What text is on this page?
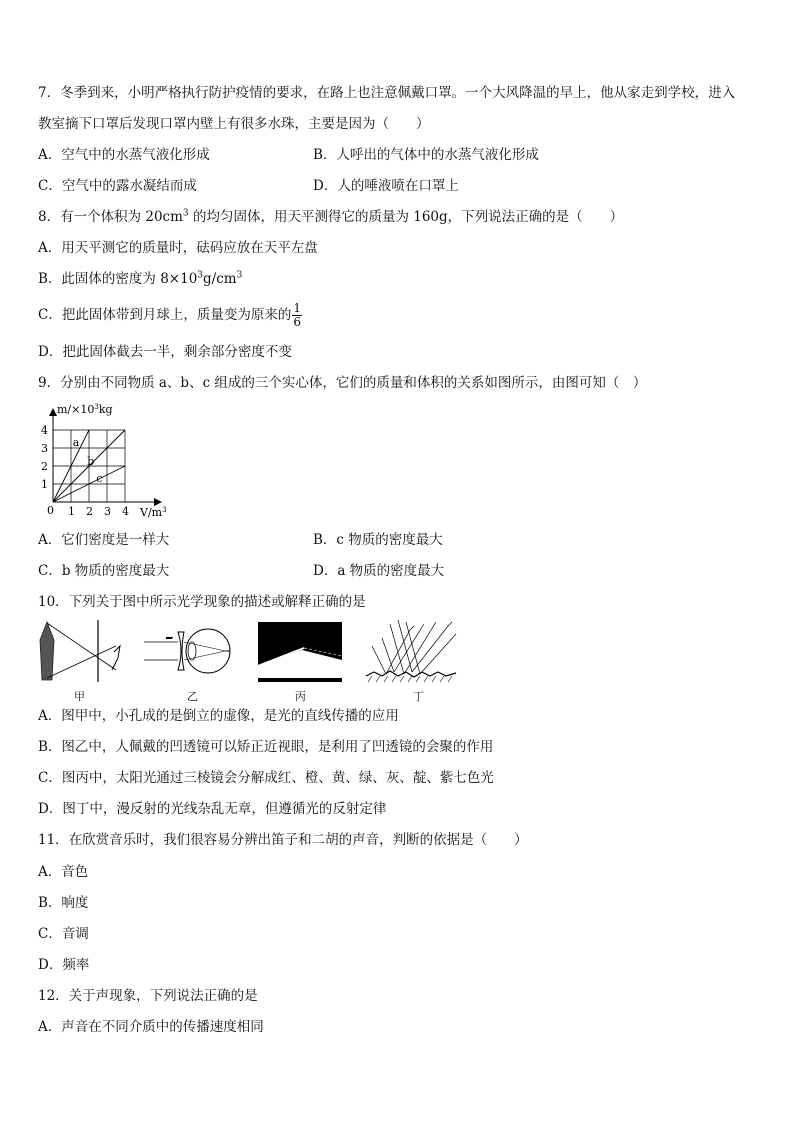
7．冬季到来，小明严格执行防护疫情的要求，在路上也注意佩戴口罩。一个大风降温的早上，他从家走到学校，进入
教室摘下口罩后发现口罩内壁上有很多水珠，主要是因为（　　）
A．空气中的水蒸气液化形成	B．人呼出的气体中的水蒸气液化形成
C．空气中的露水凝结而成	D．人的唾液喷在口罩上
8．有一个体积为 $20cm^3$ 的均匀固体，用天平测得它的质量为 160g，下列说法正确的是（　　）
A．用天平测它的质量时，砝码应放在天平左盘
B．此固体的密度为 $8\times 10^3g/cm^3$
C．把此固体带到月球上，质量变为原来的 $\frac{1}{6}$
D．把此固体截去一半，剩余部分密度不变
9．分别由不同物质 a、b、c 组成的三个实心体，它们的质量和体积的关系如图所示，由图可知（　）
$m/\times 10^3kg$
$V/m^3$
0 1 2 3 4
1
2
3
4
a
b
c
A．它们密度是一样大	B．c 物质的密度最大
C．b 物质的密度最大	D．a 物质的密度最大
10．下列关于图中所示光学现象的描述或解释正确的是
甲	乙	丙	丁
A．图甲中，小孔成的是倒立的虚像，是光的直线传播的应用
B．图乙中，人佩戴的凹透镜可以矫正近视眼，是利用了凹透镜的会聚的作用
C．图丙中，太阳光通过三棱镜会分解成红、橙、黄、绿、灰、靛、紫七色光
D．图丁中，漫反射的光线杂乱无章，但遵循光的反射定律
11．在欣赏音乐时，我们很容易分辨出笛子和二胡的声音，判断的依据是（　　）
A．音色
B．响度
C．音调
D．频率
12．关于声现象，下列说法正确的是
A．声音在不同介质中的传播速度相同
